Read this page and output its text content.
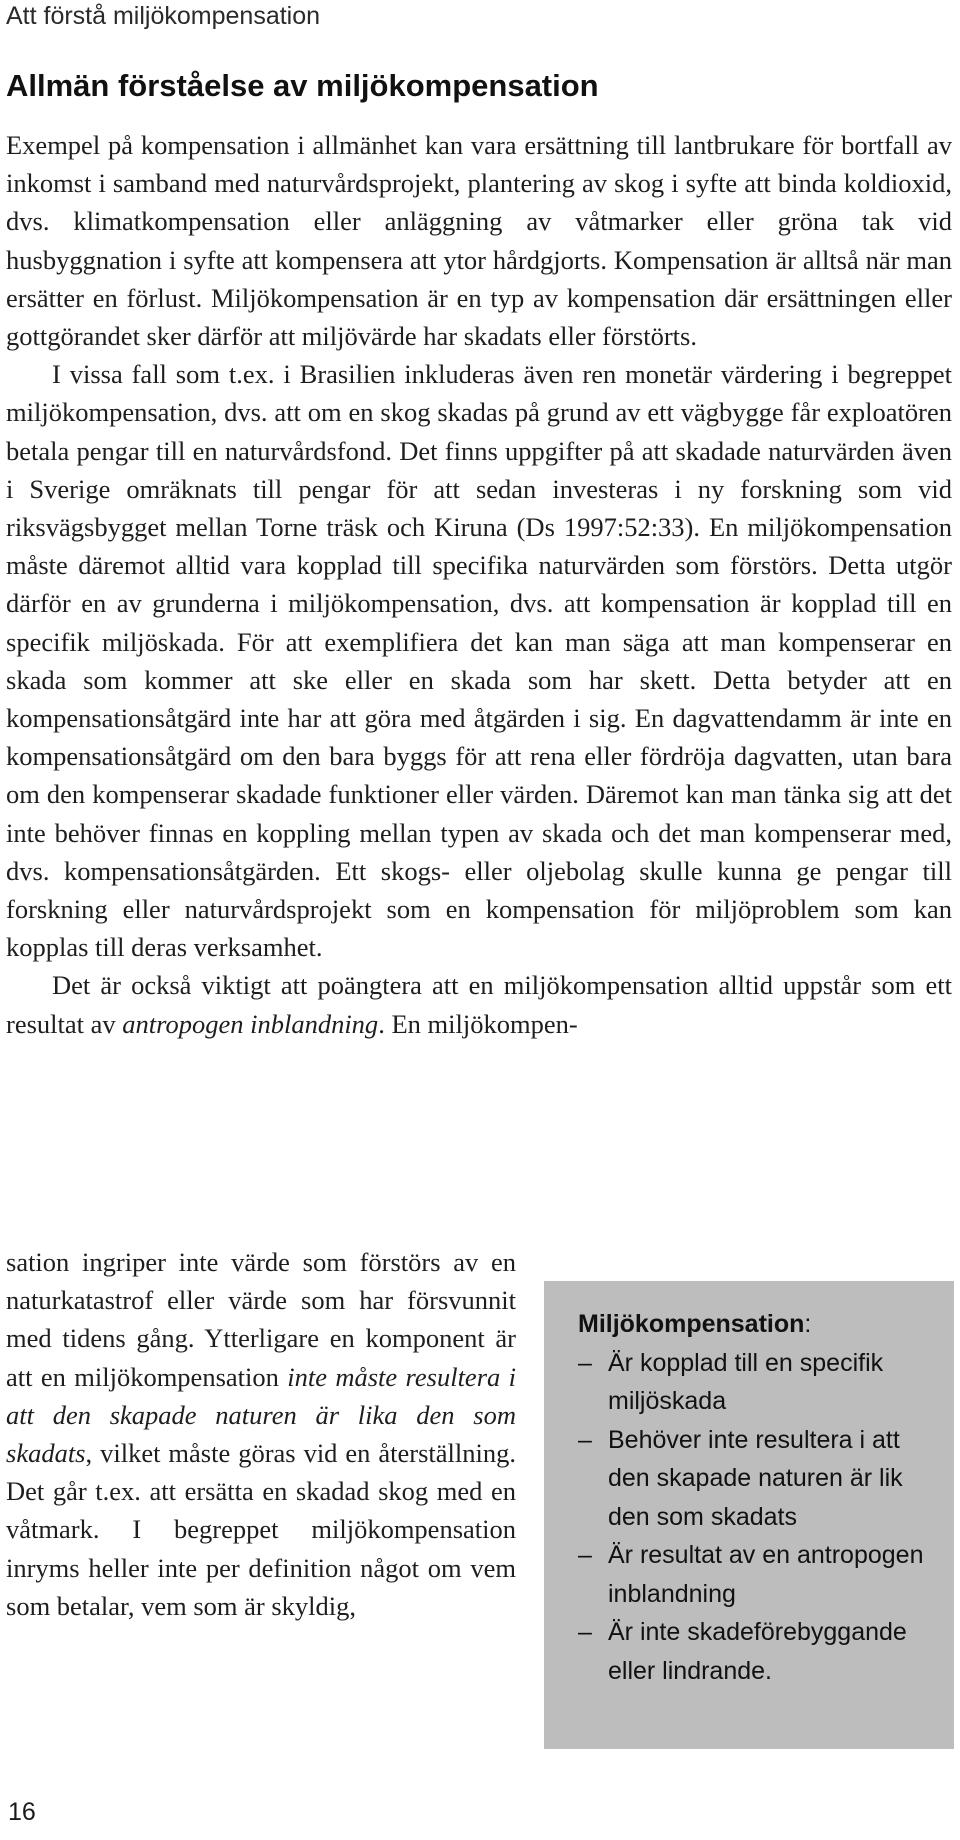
Att förstå miljökompensation
Allmän förståelse av miljökompensation

Exempel på kompensation i allmänhet kan vara ersättning till lantbrukare för bortfall av inkomst i samband med naturvårdsprojekt, plantering av skog i syfte att binda koldioxid, dvs. klimatkompensation eller anläggning av våtmarker eller gröna tak vid husbyggnation i syfte att kompensera att ytor hårdgjorts. Kompensation är alltså när man ersätter en förlust. Miljökompensation är en typ av kompensation där ersättningen eller gottgörandet sker därför att miljövärde har skadats eller förstörts.

I vissa fall som t.ex. i Brasilien inkluderas även ren monetär värdering i begreppet miljökompensation, dvs. att om en skog skadas på grund av ett vägbygge får exploatören betala pengar till en naturvårdsfond. Det finns uppgifter på att skadade naturvärden även i Sverige omräknats till pengar för att sedan investeras i ny forskning som vid riksvägsbygget mellan Torne träsk och Kiruna (Ds 1997:52:33). En miljökompensation måste däremot alltid vara kopplad till specifika naturvärden som förstörs. Detta utgör därför en av grunderna i miljökompensation, dvs. att kompensation är kopplad till en specifik miljöskada. För att exemplifiera det kan man säga att man kompenserar en skada som kommer att ske eller en skada som har skett. Detta betyder att en kompensationsåtgärd inte har att göra med åtgärden i sig. En dagvattendamm är inte en kompensationsåtgärd om den bara byggs för att rena eller fördröja dagvatten, utan bara om den kompenserar skadade funktioner eller värden. Däremot kan man tänka sig att det inte behöver finnas en koppling mellan typen av skada och det man kompenserar med, dvs. kompensationsåtgärden. Ett skogs- eller oljebolag skulle kunna ge pengar till forskning eller naturvårdsprojekt som en kompensation för miljöproblem som kan kopplas till deras verksamhet.

Det är också viktigt att poängtera att en miljökompensation alltid uppstår som ett resultat av antropogen inblandning. En miljökompen-

sation ingriper inte värde som förstörs av en naturkatastrof eller värde som har försvunnit med tidens gång. Ytterligare en komponent är att en miljökompensation inte måste resultera i att den skapade naturen är lika den som skadats, vilket måste göras vid en återställning. Det går t.ex. att ersätta en skadad skog med en våtmark. I begreppet miljökompensation inryms heller inte per definition något om vem som betalar, vem som är skyldig,

Miljökompensation:

– Är kopplad till en specifik miljöskada
– Behöver inte resultera i att den skapade naturen är lik den som skadats
– Är resultat av en antropogen inblandning
– Är inte skadeförebyggande eller lindrande.
16
